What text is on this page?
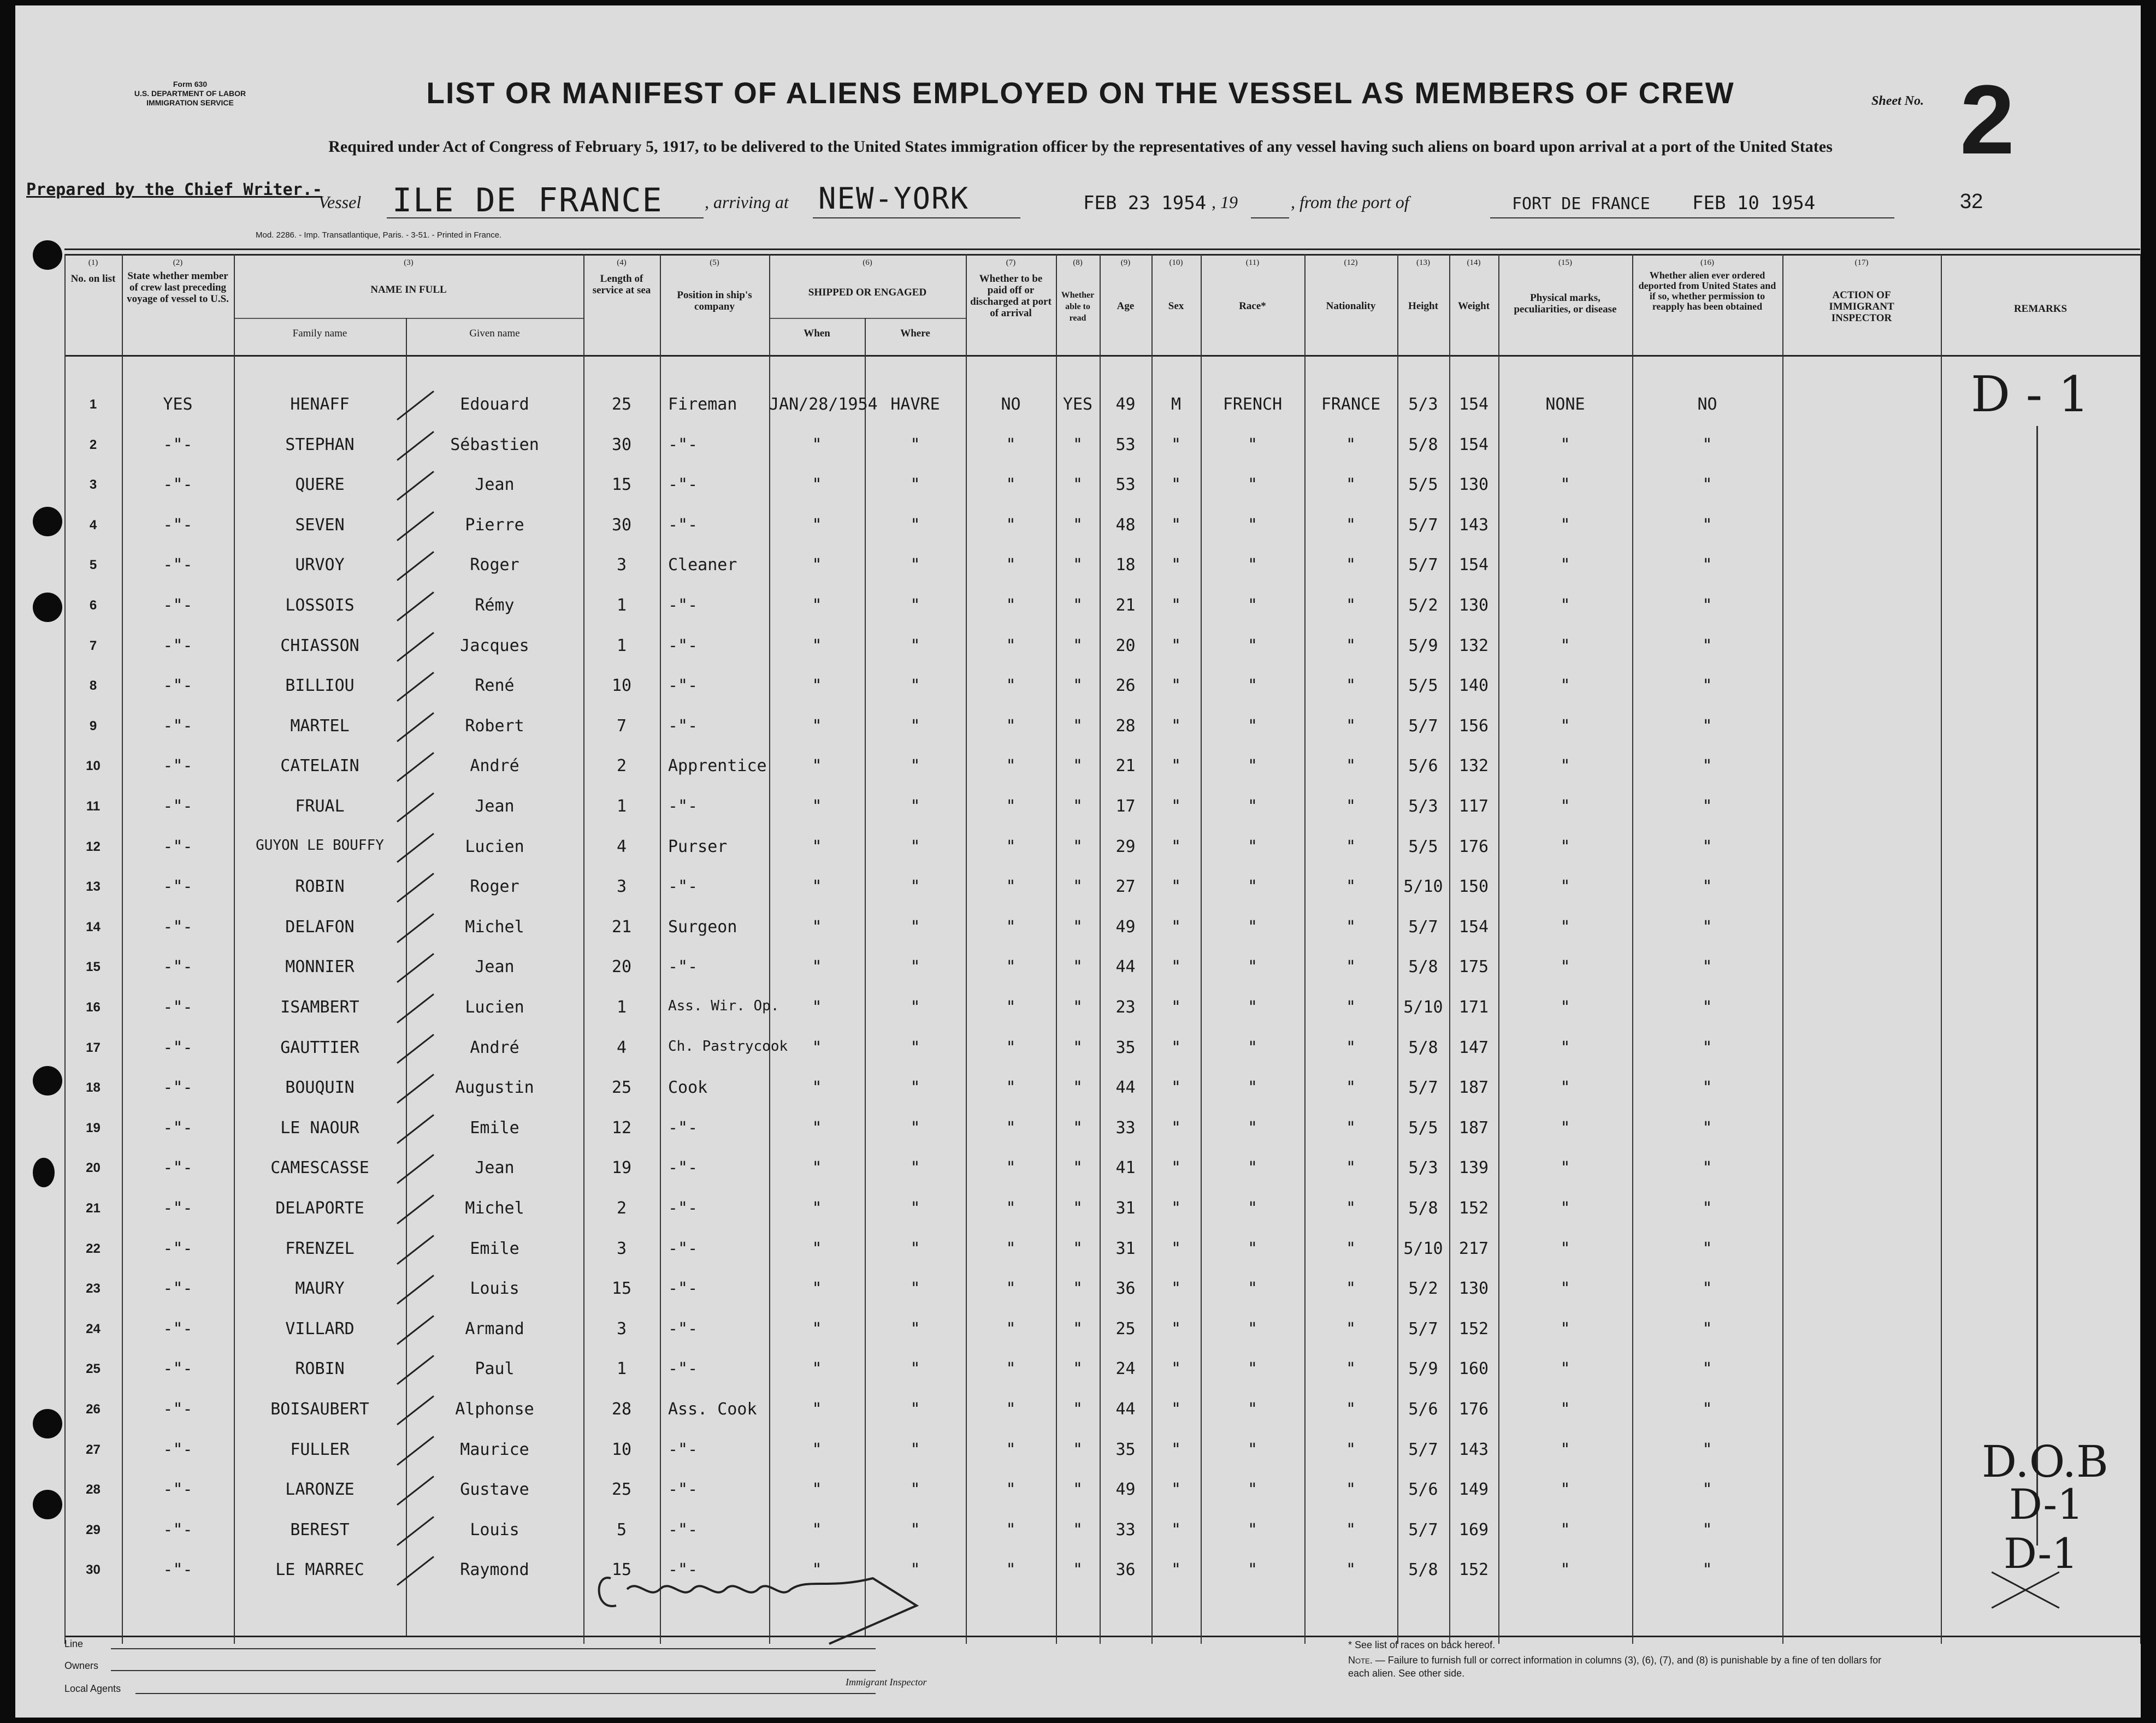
Form 630
U.S. DEPARTMENT OF LABOR
IMMIGRATION SERVICE	LIST OR MANIFEST OF ALIENS EMPLOYED ON THE VESSEL AS MEMBERS OF CREW	Sheet No. 2
Required under Act of Congress of February 5, 1917, to be delivered to the United States immigration officer by the representatives of any vessel having such aliens on board upon arrival at a port of the United States
Prepared by the Chief Writer.-
Vessel ILE DE FRANCE , arriving at NEW-YORK	FEB 23 1954 , 19	, from the port of	FORT DE FRANCE FEB 10 1954	32
Mod. 2286. - Imp. Transatlantique, Paris. - 3-51. - Printed in France.
(1)
No. on list
(2)
State whether member of crew last preceding voyage of vessel to U.S.
(3)
NAME IN FULL
Family name	Given name
(4)
Length of service at sea
(5)
Position in ship's company
(6)
SHIPPED OR ENGAGED
When	Where
(7)
Whether to be paid off or discharged at port of arrival
(8)
Whether able to read
(9)
Age
(10)
Sex
(11)
Race*
(12)
Nationality
(13)
Height
(14)
Weight
(15)
Physical marks, peculiarities, or disease
(16)
Whether alien ever ordered deported from United States and if so, whether permission to reapply has been obtained
(17)
ACTION OF IMMIGRANT INSPECTOR
REMARKS
1	YES	HENAFF	Edouard	25	Fireman	JAN/28/1954 HAVRE	NO	YES	49	M	FRENCH	FRANCE	5/3	154	NONE	NO
2	-"-	STEPHAN	Sébastien	30	-"-	"	"	"	"	53	"	"	"	5/8	154	"	"
3	-"-	QUERE	Jean	15	-"-	"	"	"	"	53	"	"	"	5/5	130	"	"
4	-"-	SEVEN	Pierre	30	-"-	"	"	"	"	48	"	"	"	5/7	143	"	"
5	-"-	URVOY	Roger	3	Cleaner	"	"	"	"	18	"	"	"	5/7	154	"	"
6	-"-	LOSSOIS	Rémy	1	-"-	"	"	"	"	21	"	"	"	5/2	130	"	"
7	-"-	CHIASSON	Jacques	1	-"-	"	"	"	"	20	"	"	"	5/9	132	"	"
8	-"-	BILLIOU	René	10	-"-	"	"	"	"	26	"	"	"	5/5	140	"	"
9	-"-	MARTEL	Robert	7	-"-	"	"	"	"	28	"	"	"	5/7	156	"	"
10	-"-	CATELAIN	André	2	Apprentice	"	"	"	"	21	"	"	"	5/6	132	"	"
11	-"-	FRUAL	Jean	1	-"-	"	"	"	"	17	"	"	"	5/3	117	"	"
12	-"-	GUYON LE BOUFFY	Lucien	4	Purser	"	"	"	"	29	"	"	"	5/5	176	"	"
13	-"-	ROBIN	Roger	3	-"-	"	"	"	"	27	"	"	"	5/10 150	"	"
14	-"-	DELAFON	Michel	21	Surgeon	"	"	"	"	49	"	"	"	5/7	154	"	"
15	-"-	MONNIER	Jean	20	-"-	"	"	"	"	44	"	"	"	5/8	175	"	"
16	-"-	ISAMBERT	Lucien	1	Ass. Wir. Op.	"	"	"	"	23	"	"	"	5/10 171	"	"
17	-"-	GAUTTIER	André	4	Ch. Pastrycook	"	"	"	"	35	"	"	"	5/8	147	"	"
18	-"-	BOUQUIN	Augustin	25	Cook	"	"	"	"	44	"	"	"	5/7	187	"	"
19	-"-	LE NAOUR	Emile	12	-"-	"	"	"	"	33	"	"	"	5/5	187	"	"
20	-"-	CAMESCASSE	Jean	19	-"-	"	"	"	"	41	"	"	"	5/3	139	"	"
21	-"-	DELAPORTE	Michel	2	-"-	"	"	"	"	31	"	"	"	5/8	152	"	"
22	-"-	FRENZEL	Emile	3	-"-	"	"	"	"	31	"	"	"	5/10 217	"	"
23	-"-	MAURY	Louis	15	-"-	"	"	"	"	36	"	"	"	5/2	130	"	"
24	-"-	VILLARD	Armand	3	-"-	"	"	"	"	25	"	"	"	5/7	152	"	"
25	-"-	ROBIN	Paul	1	-"-	"	"	"	"	24	"	"	"	5/9	160	"	"
26	-"-	BOISAUBERT	Alphonse	28	Ass. Cook	"	"	"	"	44	"	"	"	5/6	176	"	"
27	-"-	FULLER	Maurice	10	-"-	"	"	"	"	35	"	"	"	5/7	143	"	"
28	-"-	LARONZE	Gustave	25	-"-	"	"	"	"	49	"	"	"	5/6	149	"	"
29	-"-	BEREST	Louis	5	-"-	"	"	"	"	33	"	"	"	5/7	169	"	"
30	-"-	LE MARREC	Raymond	15	-"-	"	"	"	"	36	"	"	"	5/8	152	"	"
D - 1
D.O.B
D-1
D-1
Line
Owners
Local Agents
Immigrant Inspector
* See list of races on back hereof.
Note. — Failure to furnish full or correct information in columns (3), (6), (7), and (8) is punishable by a fine of ten dollars for each alien. See other side.
